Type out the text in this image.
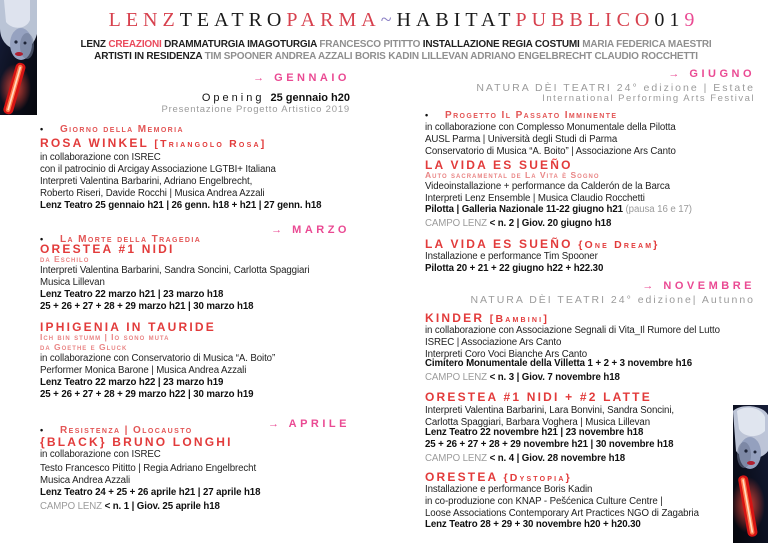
LENZTEATROPARMA~HABITATPUBBLICO019
LENZ CREAZIONI DRAMMATURGIA IMAGOTURGIA FRANCESCO PITITTO INSTALLAZIONE REGIA COSTUMI MARIA FEDERICA MAESTRI
ARTISTI IN RESIDENZA TIM SPOONER ANDREA AZZALI BORIS KADIN LILLEVAN ADRIANO ENGELBRECHT CLAUDIO ROCCHETTI
→ GENNAIO
Opening 25 gennaio h20
Presentazione Progetto Artistico 2019
• Giorno della Memoria
ROSA WINKEL [Triangolo Rosa]
in collaborazione con ISREC
con il patrocinio di Arcigay Associazione LGTBI+ Italiana
Interpreti Valentina Barbarini, Adriano Engelbrecht,
Roberto Riseri, Davide Rocchi | Musica Andrea Azzali
Lenz Teatro 25 gennaio h21 | 26 genn. h18 + h21 | 27 genn. h18
→ MARZO
• La Morte della Tragedia
ORESTEA #1 NIDI
da Eschilo
Interpreti Valentina Barbarini, Sandra Soncini, Carlotta Spaggiari
Musica Lillevan
Lenz Teatro 22 marzo h21 | 23 marzo h18
25 + 26 + 27 + 28 + 29 marzo h21 | 30 marzo h18
IPHIGENIA IN TAURIDE
Ich bin stumm | Io sono muta
da Goethe e Gluck
in collaborazione con Conservatorio di Musica “A. Boito”
Performer Monica Barone | Musica Andrea Azzali
Lenz Teatro 22 marzo h22 | 23 marzo h19
25 + 26 + 27 + 28 + 29 marzo h22 | 30 marzo h19
→ APRILE
• Resistenza | Olocausto
{BLACK} BRUNO LONGHI
in collaborazione con ISREC
Testo Francesco Pititto | Regia Adriano Engelbrecht
Musica Andrea Azzali
Lenz Teatro 24 + 25 + 26 aprile h21 | 27 aprile h18
CAMPO LENZ < n. 1 | Giov. 25 aprile h18
→ GIUGNO
NATURA DÈI TEATRI 24° edizione | Estate
International Performing Arts Festival
• Progetto Il Passato Imminente
in collaborazione con Complesso Monumentale della Pilotta
AUSL Parma | Università degli Studi di Parma
Conservatorio di Musica “A. Boito” | Associazione Ars Canto
LA VIDA ES SUEÑO
Auto sacramental de La Vita è Sogno
Videoinstallazione + performance da Calderón de la Barca
Interpreti Lenz Ensemble | Musica Claudio Rocchetti
Pilotta | Galleria Nazionale 11-22 giugno h21 (pausa 16 e 17)
CAMPO LENZ < n. 2 | Giov. 20 giugno h18
LA VIDA ES SUEÑO {One Dream}
Installazione e performance Tim Spooner
Pilotta 20 + 21 + 22 giugno h22 + h22.30
→ NOVEMBRE
NATURA DÈI TEATRI 24° edizione| Autunno
KINDER [Bambini]
in collaborazione con Associazione Segnali di Vita_Il Rumore del Lutto
ISREC | Associazione Ars Canto
Interpreti Coro Voci Bianche Ars Canto
Cimitero Monumentale della Villetta 1 + 2 + 3 novembre h16
CAMPO LENZ < n. 3 | Giov. 7 novembre h18
ORESTEA #1 NIDI + #2 LATTE
Interpreti Valentina Barbarini, Lara Bonvini, Sandra Soncini,
Carlotta Spaggiari, Barbara Voghera | Musica Lillevan
Lenz Teatro 22 novembre h21 | 23 novembre h18
25 + 26 + 27 + 28 + 29 novembre h21 | 30 novembre h18
CAMPO LENZ < n. 4 | Giov. 28 novembre h18
ORESTEA {Dystopia}
Installazione e performance Boris Kadin
in co-produzione con KNAP - Pešćenica Culture Centre |
Loose Associations Contemporary Art Practices NGO di Zagabria
Lenz Teatro 28 + 29 + 30 novembre h20 + h20.30
